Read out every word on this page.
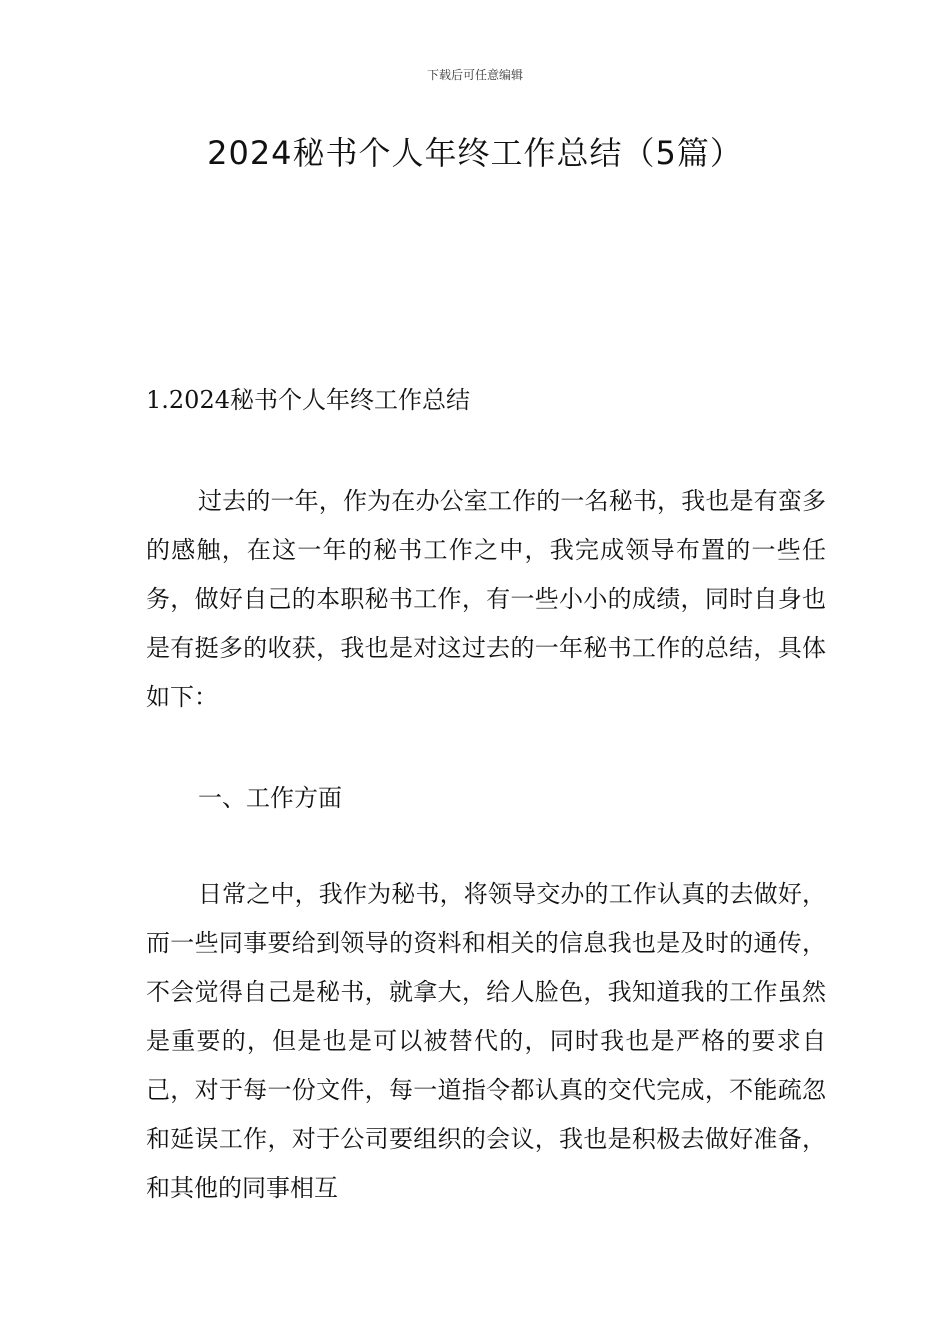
下载后可任意编辑
2024秘书个人年终工作总结（5篇）
1.2024秘书个人年终工作总结

过去的一年，作为在办公室工作的一名秘书，我也是有蛮多的感触，在这一年的秘书工作之中，我完成领导布置的一些任务，做好自己的本职秘书工作，有一些小小的成绩，同时自身也是有挺多的收获，我也是对这过去的一年秘书工作的总结，具体如下：

一、工作方面

日常之中，我作为秘书，将领导交办的工作认真的去做好，而一些同事要给到领导的资料和相关的信息我也是及时的通传，不会觉得自己是秘书，就拿大，给人脸色，我知道我的工作虽然是重要的，但是也是可以被替代的，同时我也是严格的要求自己，对于每一份文件，每一道指令都认真的交代完成，不能疏忽和延误工作，对于公司要组织的会议，我也是积极去做好准备，和其他的同事相互
